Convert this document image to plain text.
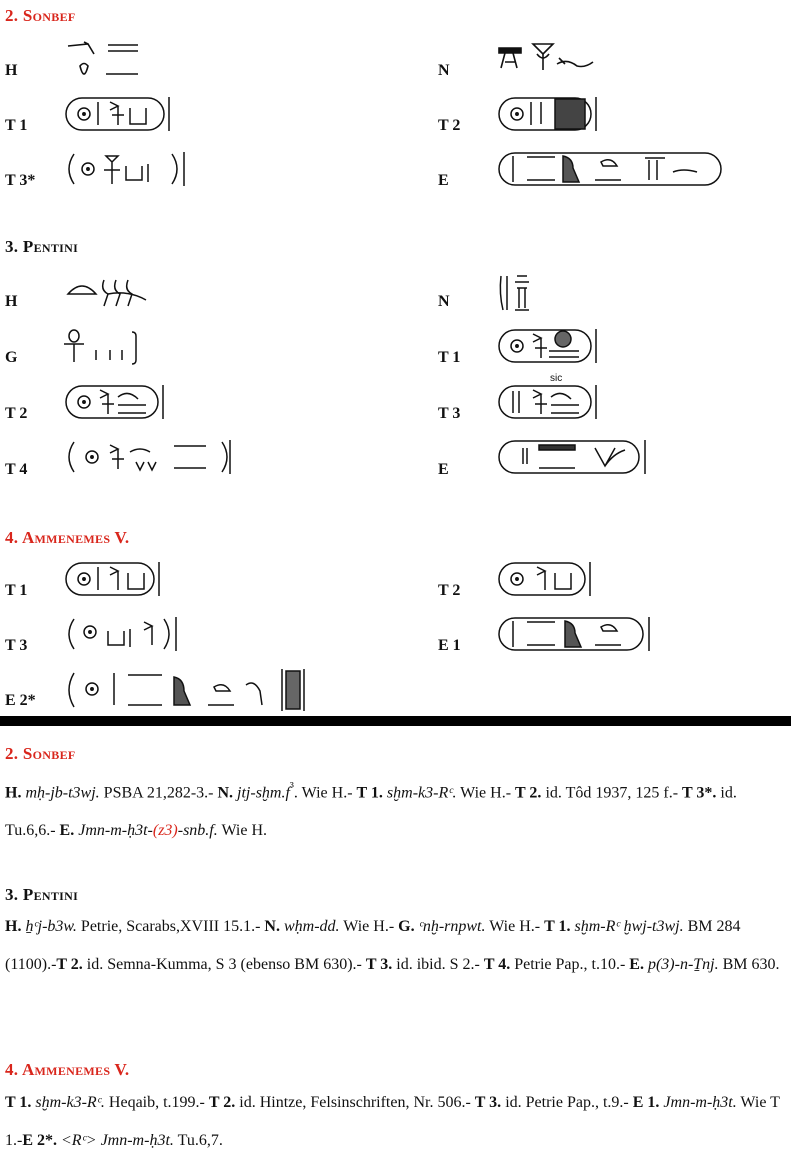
2. Sonbef
H	N
T 1	T 2
T 3*	E
3. Pentini
H	N
G	T 1
T 2	T 3
T 4	E
sic
4. Ammenemes V.
T 1	T 2
T 3	E 1
E 2*
2. Sonbef
H. mḥ-jb-t3wj. PSBA 21,282-3.- N. jtj-$sḫm.f^{^3}$. Wie H.- T 1. sḫm-k3-Rᶜ. Wie H.- T 2. id. Tôd 1937, 125 f.- T 3*. id. Tu.6,6.- E. Jmn-m-ḥ3t-(z3)-snb.f. Wie H.
3. Pentini
H. ẖᶜj-b3w. Petrie, Scarabs,XVIII 15.1.- N. wḥm-dd. Wie H.- G. ᶜnḫ-rnpwt. Wie H.- T 1. sḫm-Rᶜ ḫwj-t3wj. BM 284 (1100).-T 2. id. Semna-Kumma, S 3 (ebenso BM 630).- T 3. id. ibid. S 2.- T 4. Petrie Pap., t.10.- E. p(3)-n-Ṯnj. BM 630.
4. Ammenemes V.
T 1. sḫm-k3-Rᶜ. Heqaib, t.199.- T 2. id. Hintze, Felsinschriften, Nr. 506.- T 3. id. Petrie Pap., t.9.- E 1. Jmn-m-ḥ3t. Wie T 1.-E 2*. <Rᶜ> Jmn-m-ḥ3t. Tu.6,7.
